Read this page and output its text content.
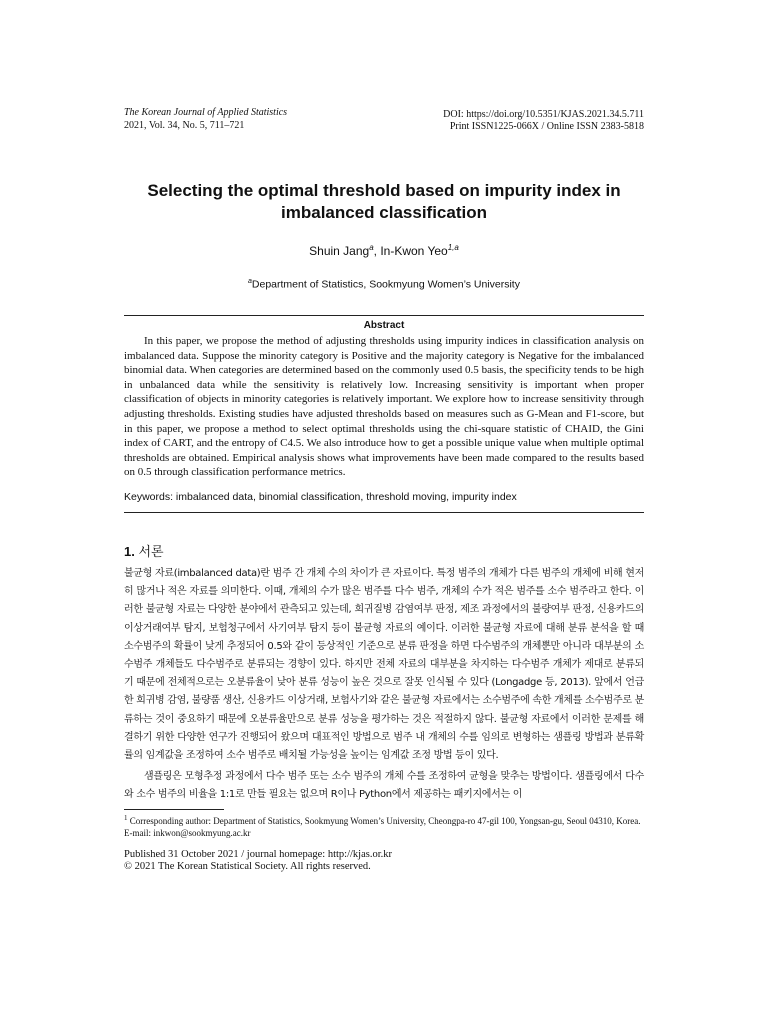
The Korean Journal of Applied Statistics
2021, Vol. 34, No. 5, 711–721
DOI: https://doi.org/10.5351/KJAS.2021.34.5.711
Print ISSN1225-066X / Online ISSN 2383-5818
Selecting the optimal threshold based on impurity index in imbalanced classification
Shuin Jang$^a$, In-Kwon Yeo$^{1,a}$
$^a$Department of Statistics, Sookmyung Women’s University
Abstract

In this paper, we propose the method of adjusting thresholds using impurity indices in classification analysis on imbalanced data. Suppose the minority category is Positive and the majority category is Negative for the imbalanced binomial data. When categories are determined based on the commonly used 0.5 basis, the specificity tends to be high in unbalanced data while the sensitivity is relatively low. Increasing sensitivity is important when proper classification of objects in minority categories is relatively important. We explore how to increase sensitivity through adjusting thresholds. Existing studies have adjusted thresholds based on measures such as G-Mean and F1-score, but in this paper, we propose a method to select optimal thresholds using the chi-square statistic of CHAID, the Gini index of CART, and the entropy of C4.5. We also introduce how to get a possible unique value when multiple optimal thresholds are obtained. Empirical analysis shows what improvements have been made compared to the results based on 0.5 through classification performance metrics.

Keywords: imbalanced data, binomial classification, threshold moving, impurity index
1. 서론

불균형 자료(imbalanced data)란 범주 간 개체 수의 차이가 큰 자료이다. 특정 범주의 개체가 다른 범주의 개체에 비해 현저히 많거나 적은 자료를 의미한다. 이때, 개체의 수가 많은 범주를 다수 범주, 개체의 수가 적은 범주를 소수 범주라고 한다. 이러한 불균형 자료는 다양한 분야에서 관측되고 있는데, 희귀질병 감염여부 판정, 제조 과정에서의 불량여부 판정, 신용카드의 이상거래여부 탐지, 보험청구에서 사기여부 탐지 등이 불균형 자료의 예이다. 이러한 불균형 자료에 대해 분류 분석을 할 때 소수범주의 확률이 낮게 추정되어 0.5와 같이 등상적인 기준으로 분류 판정을 하면 다수범주의 개체뿐만 아니라 대부분의 소수범주 개체들도 다수범주로 분류되는 경향이 있다. 하지만 전체 자료의 대부분을 차지하는 다수범주 개체가 제대로 분류되기 때문에 전체적으로는 오분류율이 낮아 분류 성능이 높은 것으로 잘못 인식될 수 있다 (Longadge 등, 2013). 앞에서 언급한 희귀병 감염, 불량품 생산, 신용카드 이상거래, 보험사기와 같은 불균형 자료에서는 소수범주에 속한 개체를 소수범주로 분류하는 것이 중요하기 때문에 오분류율만으로 분류 성능을 평가하는 것은 적절하지 않다. 불균형 자료에서 이러한 문제를 해결하기 위한 다양한 연구가 진행되어 왔으며 대표적인 방법으로 범주 내 개체의 수를 임의로 변형하는 샘플링 방법과 분류확률의 임계값을 조정하여 소수 범주로 배치될 가능성을 높이는 임계값 조정 방법 등이 있다.

샘플링은 모형추정 과정에서 다수 범주 또는 소수 범주의 개체 수를 조정하여 균형을 맞추는 방법이다. 샘플링에서 다수와 소수 범주의 비율을 1:1로 만들 필요는 없으며 R이나 Python에서 제공하는 패키지에서는 이

$^1$ Corresponding author: Department of Statistics, Sookmyung Women’s University, Cheongpa-ro 47-gil 100, Yongsan-gu, Seoul 04310, Korea. E-mail: inkwon@sookmyung.ac.kr

Published 31 October 2021 / journal homepage: http://kjas.or.kr
© 2021 The Korean Statistical Society. All rights reserved.
